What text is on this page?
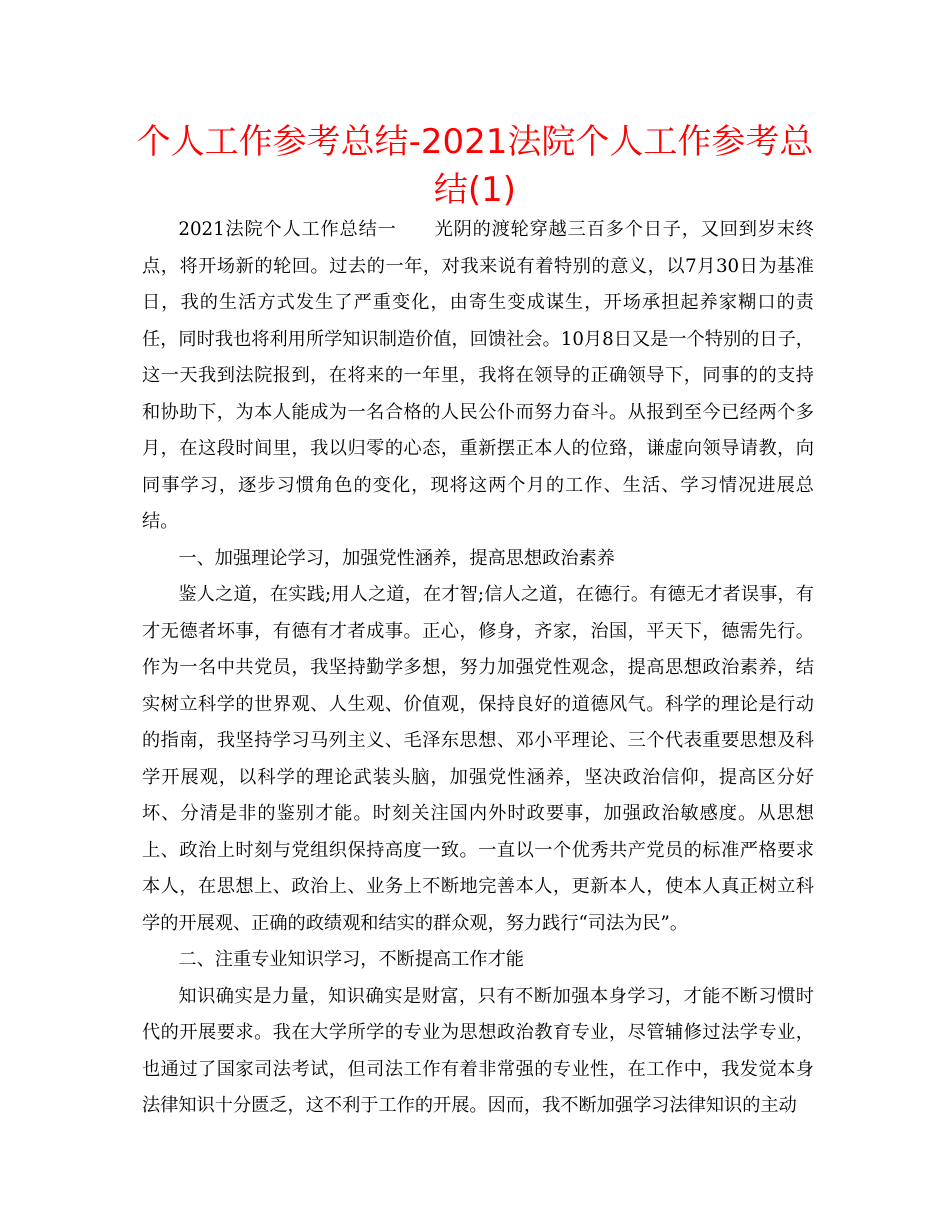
个人工作参考总结-2021法院个人工作参考总结(1)

2021法院个人工作总结一　　光阴的渡轮穿越三百多个日子，又回到岁末终点，将开场新的轮回。过去的一年，对我来说有着特别的意义，以7月30日为基准日，我的生活方式发生了严重变化，由寄生变成谋生，开场承担起养家糊口的责任，同时我也将利用所学知识制造价值，回馈社会。10月8日又是一个特别的日子，这一天我到法院报到，在将来的一年里，我将在领导的正确领导下，同事的的支持和协助下，为本人能成为一名合格的人民公仆而努力奋斗。从报到至今已经两个多月，在这段时间里，我以归零的心态，重新摆正本人的位臵，谦虚向领导请教，向同事学习，逐步习惯角色的变化，现将这两个月的工作、生活、学习情况进展总结。

一、加强理论学习，加强党性涵养，提高思想政治素养

鉴人之道，在实践;用人之道，在才智;信人之道，在德行。有德无才者误事，有才无德者坏事，有德有才者成事。正心，修身，齐家，治国，平天下，德需先行。作为一名中共党员，我坚持勤学多想，努力加强党性观念，提高思想政治素养，结实树立科学的世界观、人生观、价值观，保持良好的道德风气。科学的理论是行动的指南，我坚持学习马列主义、毛泽东思想、邓小平理论、三个代表重要思想及科学开展观，以科学的理论武装头脑，加强党性涵养，坚决政治信仰，提高区分好坏、分清是非的鉴别才能。时刻关注国内外时政要事，加强政治敏感度。从思想上、政治上时刻与党组织保持高度一致。一直以一个优秀共产党员的标准严格要求本人，在思想上、政治上、业务上不断地完善本人，更新本人，使本人真正树立科学的开展观、正确的政绩观和结实的群众观，努力践行“司法为民”。

二、注重专业知识学习，不断提高工作才能

知识确实是力量，知识确实是财富，只有不断加强本身学习，才能不断习惯时代的开展要求。我在大学所学的专业为思想政治教育专业，尽管辅修过法学专业，也通过了国家司法考试，但司法工作有着非常强的专业性，在工作中，我发觉本身法律知识十分匮乏，这不利于工作的开展。因而，我不断加强学习法律知识的主动
